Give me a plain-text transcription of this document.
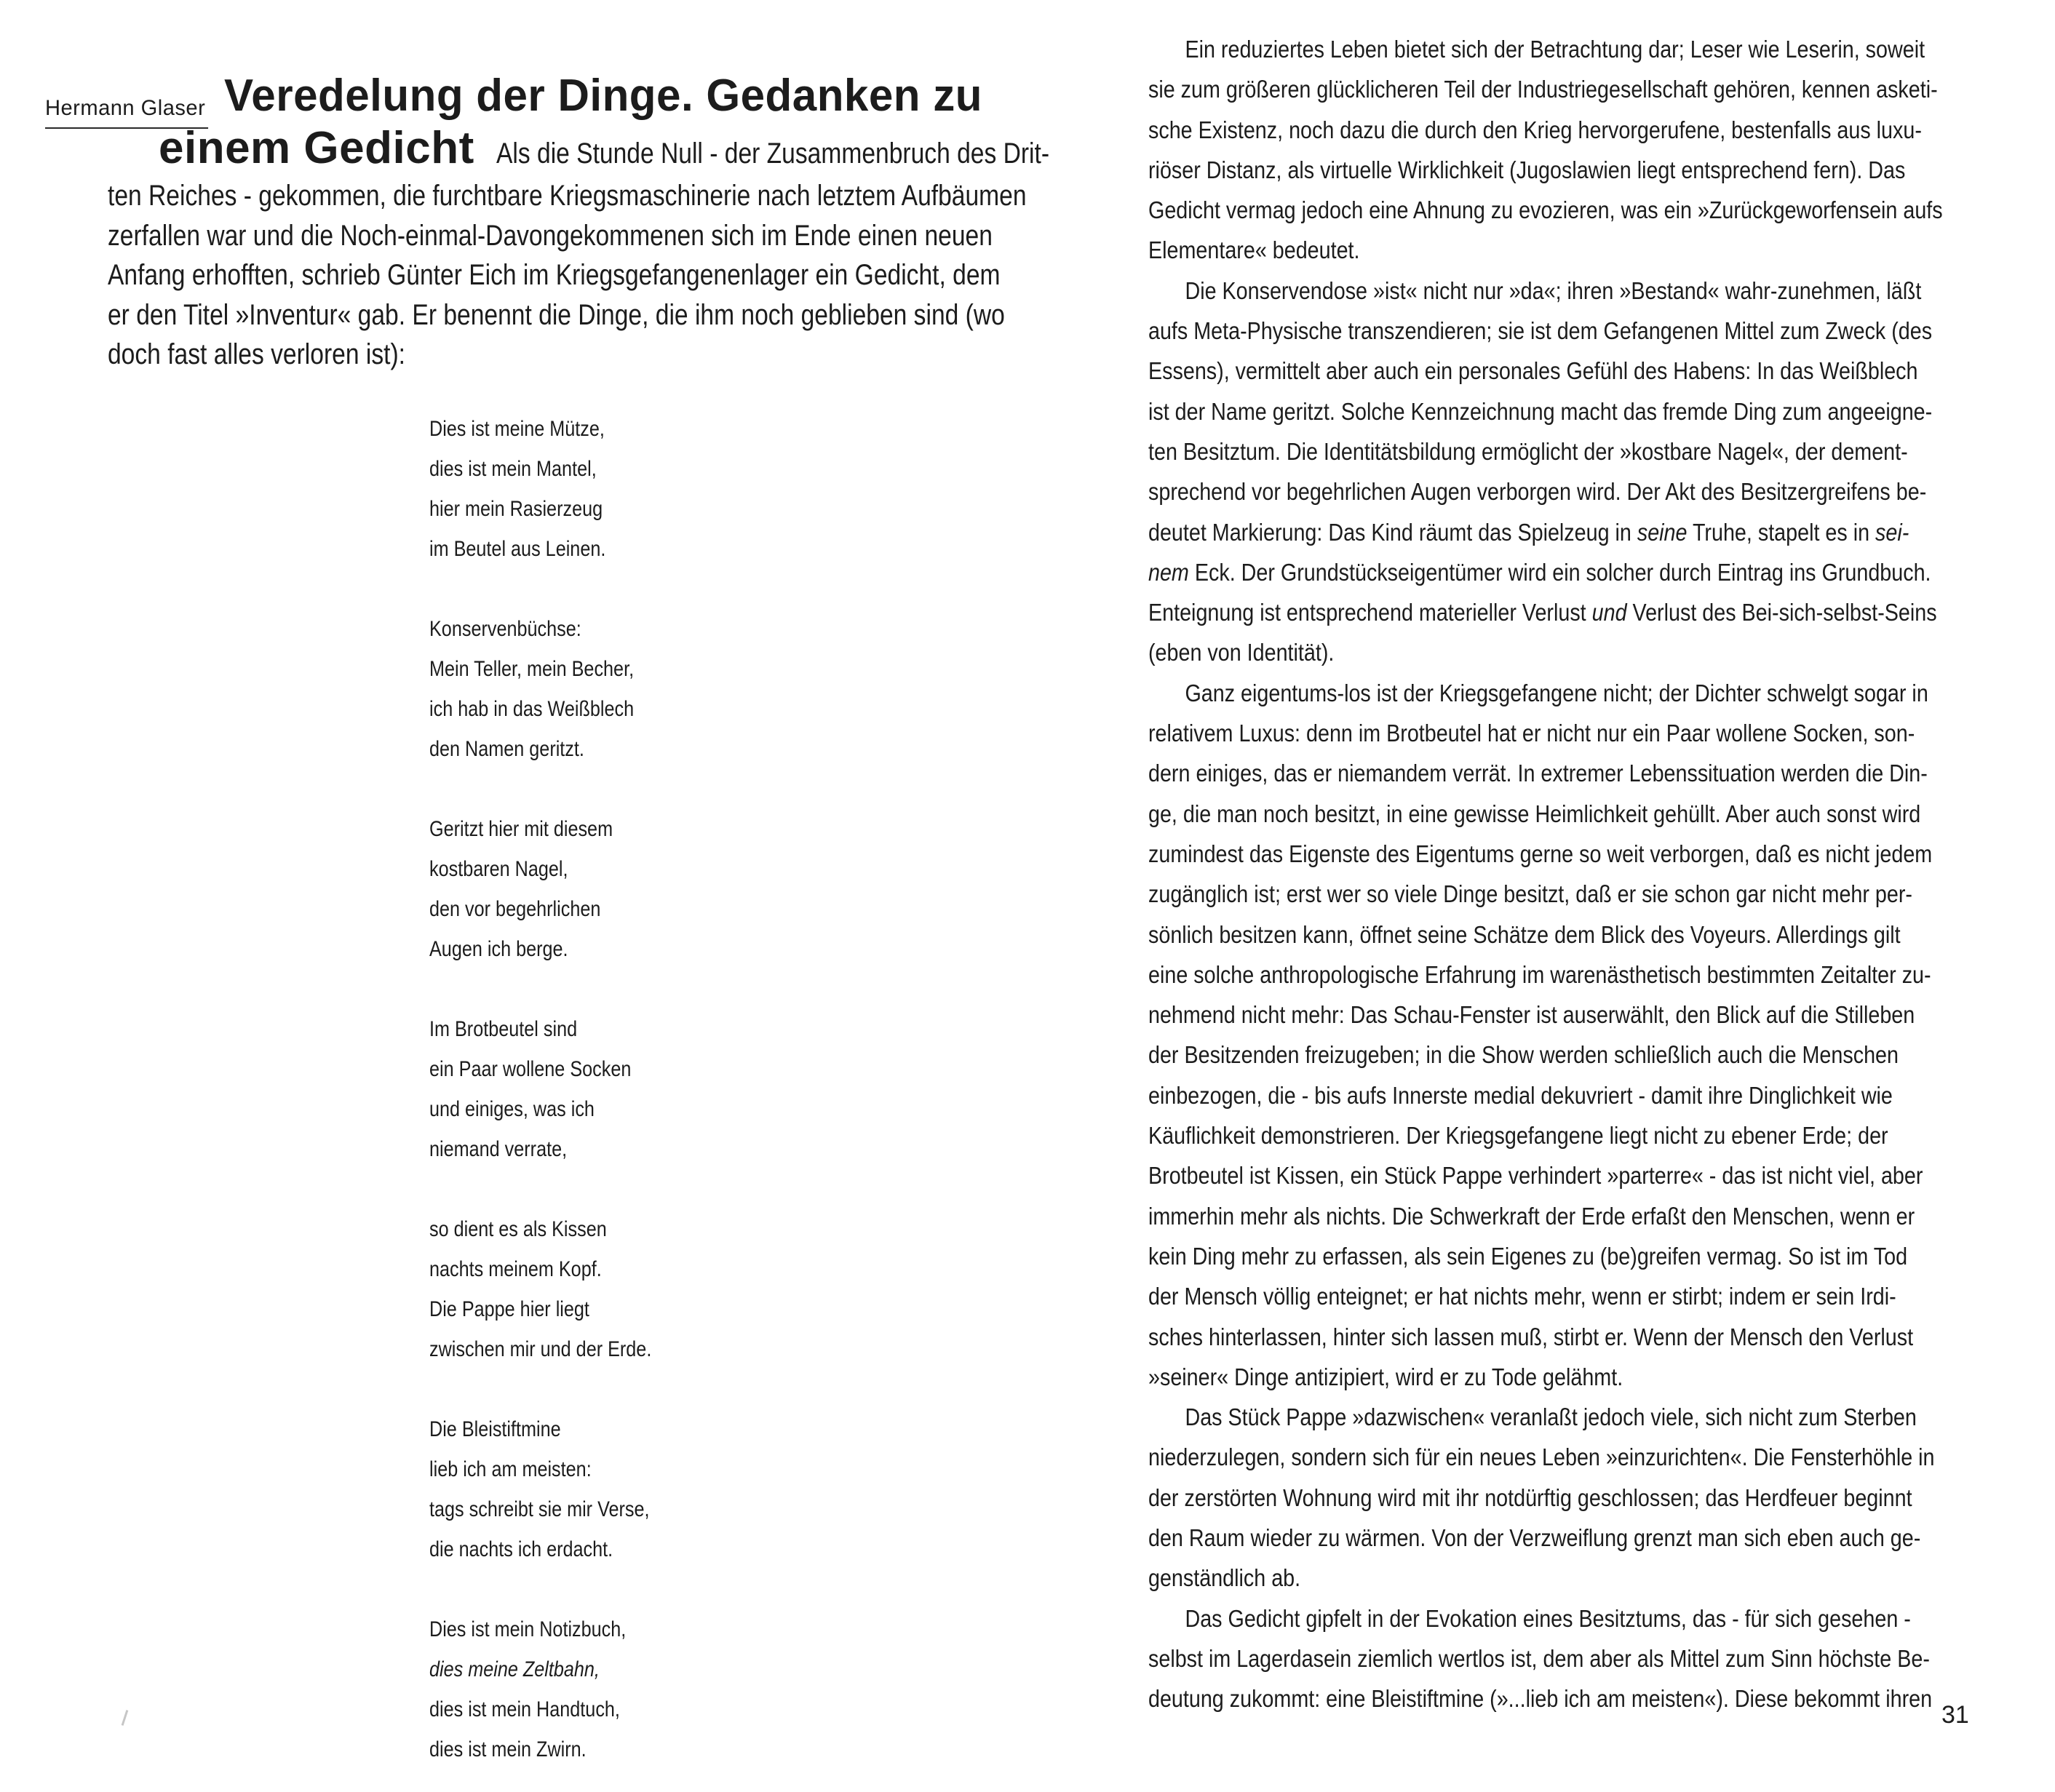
Hermann Glaser Veredelung der Dinge. Gedanken zu
einem Gedicht Als die Stunde Null - der Zusammenbruch des Drit-
ten Reiches - gekommen, die furchtbare Kriegsmaschinerie nach letztem Aufbäumen
zerfallen war und die Noch-einmal-Davongekommenen sich im Ende einen neuen
Anfang erhofften, schrieb Günter Eich im Kriegsgefangenenlager ein Gedicht, dem
er den Titel »Inventur« gab. Er benennt die Dinge, die ihm noch geblieben sind (wo
doch fast alles verloren ist):
Dies ist meine Mütze,
dies ist mein Mantel,
hier mein Rasierzeug
im Beutel aus Leinen.
Konservenbüchse:
Mein Teller, mein Becher,
ich hab in das Weißblech
den Namen geritzt.
Geritzt hier mit diesem
kostbaren Nagel,
den vor begehrlichen
Augen ich berge.
Im Brotbeutel sind
ein Paar wollene Socken
und einiges, was ich
niemand verrate,
so dient es als Kissen
nachts meinem Kopf.
Die Pappe hier liegt
zwischen mir und der Erde.
Die Bleistiftmine
lieb ich am meisten:
tags schreibt sie mir Verse,
die nachts ich erdacht.
Dies ist mein Notizbuch,
dies meine Zeltbahn,
dies ist mein Handtuch,
dies ist mein Zwirn.
Ein reduziertes Leben bietet sich der Betrachtung dar; Leser wie Leserin, soweit
sie zum größeren glücklicheren Teil der Industriegesellschaft gehören, kennen asketi-
sche Existenz, noch dazu die durch den Krieg hervorgerufene, bestenfalls aus luxu-
riöser Distanz, als virtuelle Wirklichkeit (Jugoslawien liegt entsprechend fern). Das
Gedicht vermag jedoch eine Ahnung zu evozieren, was ein »Zurückgeworfensein aufs
Elementare« bedeutet.
Die Konservendose »ist« nicht nur »da«; ihren »Bestand« wahr-zunehmen, läßt
aufs Meta-Physische transzendieren; sie ist dem Gefangenen Mittel zum Zweck (des
Essens), vermittelt aber auch ein personales Gefühl des Habens: In das Weißblech
ist der Name geritzt. Solche Kennzeichnung macht das fremde Ding zum angeeigne-
ten Besitztum. Die Identitätsbildung ermöglicht der »kostbare Nagel«, der dement-
sprechend vor begehrlichen Augen verborgen wird. Der Akt des Besitzergreifens be-
deutet Markierung: Das Kind räumt das Spielzeug in seine Truhe, stapelt es in sei-
nem Eck. Der Grundstückseigentümer wird ein solcher durch Eintrag ins Grundbuch.
Enteignung ist entsprechend materieller Verlust und Verlust des Bei-sich-selbst-Seins
(eben von Identität).
Ganz eigentums-los ist der Kriegsgefangene nicht; der Dichter schwelgt sogar in
relativem Luxus: denn im Brotbeutel hat er nicht nur ein Paar wollene Socken, son-
dern einiges, das er niemandem verrät. In extremer Lebenssituation werden die Din-
ge, die man noch besitzt, in eine gewisse Heimlichkeit gehüllt. Aber auch sonst wird
zumindest das Eigenste des Eigentums gerne so weit verborgen, daß es nicht jedem
zugänglich ist; erst wer so viele Dinge besitzt, daß er sie schon gar nicht mehr per-
sönlich besitzen kann, öffnet seine Schätze dem Blick des Voyeurs. Allerdings gilt
eine solche anthropologische Erfahrung im warenästhetisch bestimmten Zeitalter zu-
nehmend nicht mehr: Das Schau-Fenster ist auserwählt, den Blick auf die Stilleben
der Besitzenden freizugeben; in die Show werden schließlich auch die Menschen
einbezogen, die - bis aufs Innerste medial dekuvriert - damit ihre Dinglichkeit wie
Käuflichkeit demonstrieren. Der Kriegsgefangene liegt nicht zu ebener Erde; der
Brotbeutel ist Kissen, ein Stück Pappe verhindert »parterre« - das ist nicht viel, aber
immerhin mehr als nichts. Die Schwerkraft der Erde erfaßt den Menschen, wenn er
kein Ding mehr zu erfassen, als sein Eigenes zu (be)greifen vermag. So ist im Tod
der Mensch völlig enteignet; er hat nichts mehr, wenn er stirbt; indem er sein Irdi-
sches hinterlassen, hinter sich lassen muß, stirbt er. Wenn der Mensch den Verlust
»seiner« Dinge antizipiert, wird er zu Tode gelähmt.
Das Stück Pappe »dazwischen« veranlaßt jedoch viele, sich nicht zum Sterben
niederzulegen, sondern sich für ein neues Leben »einzurichten«. Die Fensterhöhle in
der zerstörten Wohnung wird mit ihr notdürftig geschlossen; das Herdfeuer beginnt
den Raum wieder zu wärmen. Von der Verzweiflung grenzt man sich eben auch ge-
genständlich ab.
Das Gedicht gipfelt in der Evokation eines Besitztums, das - für sich gesehen -
selbst im Lagerdasein ziemlich wertlos ist, dem aber als Mittel zum Sinn höchste Be-
deutung zukommt: eine Bleistiftmine (»...lieb ich am meisten«). Diese bekommt ihren
31
